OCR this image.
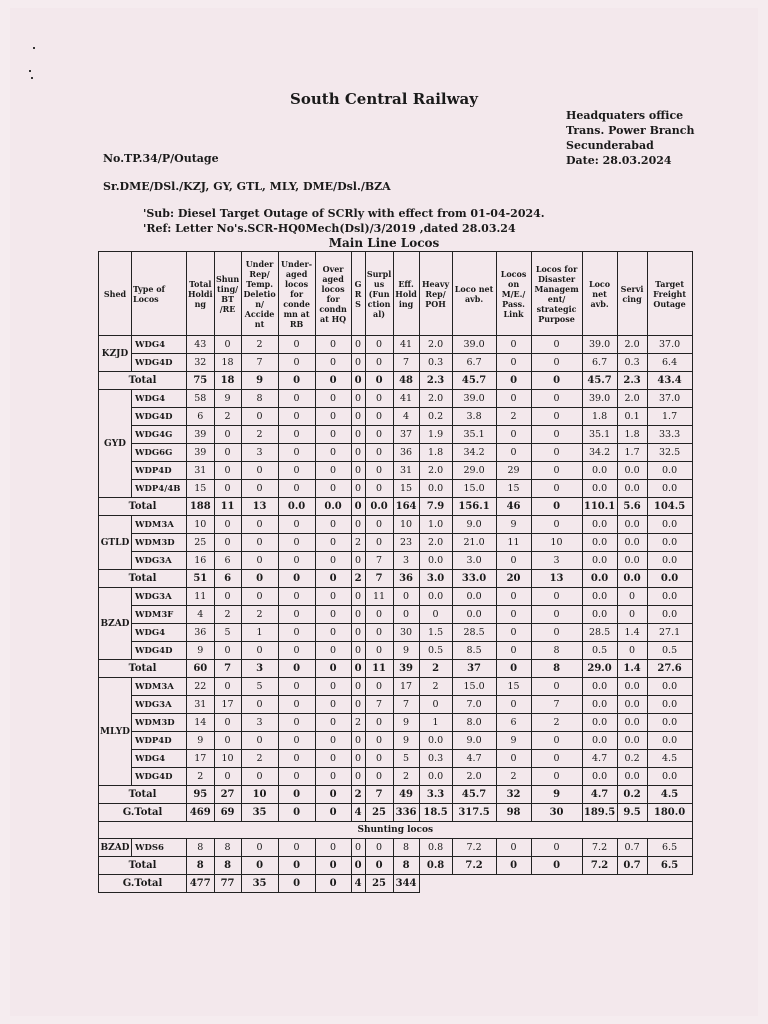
South Central Railway
Headquaters office
Trans. Power Branch
Secunderabad
Date: 28.03.2024
No.TP.34/P/Outage
Sr.DME/DSl./KZJ, GY, GTL, MLY, DME/Dsl./BZA
'Sub: Diesel Target Outage of SCRly with effect from 01-04-2024.
'Ref: Letter No's.SCR-HQ0Mech(Dsl)/3/2019 ,dated 28.03.24
Main Line Locos
Shed	Type of Locos	Total Holdi ng	Shun ting/ BT /RE	Under Rep/ Temp. Deletio n/ Accide nt	Under-aged locos for conde mn at RB	Over aged locos for condn at HQ	G R S	Surpl us (Fun ction al)	Eff. Hold ing	Heavy Rep/ POH	Loco net avb.	Locos on M/E./ Pass. Link	Locos for Disaster Managem ent/ strategic Purpose	Loco net avb.	Servi cing	Target Freight Outage
KZJD	WDG4	43	0	2	0	0	0	0	41	2.0	39.0	0	0	39.0	2.0	37.0
	WDG4D	32	18	7	0	0	0	0	7	0.3	6.7	0	0	6.7	0.3	6.4
Total		75	18	9	0	0	0	0	48	2.3	45.7	0	0	45.7	2.3	43.4
GYD	WDG4	58	9	8	0	0	0	0	41	2.0	39.0	0	0	39.0	2.0	37.0
	WDG4D	6	2	0	0	0	0	0	4	0.2	3.8	2	0	1.8	0.1	1.7
	WDG4G	39	0	2	0	0	0	0	37	1.9	35.1	0	0	35.1	1.8	33.3
	WDG6G	39	0	3	0	0	0	0	36	1.8	34.2	0	0	34.2	1.7	32.5
	WDP4D	31	0	0	0	0	0	0	31	2.0	29.0	29	0	0.0	0.0	0.0
	WDP4/4B	15	0	0	0	0	0	0	15	0.0	15.0	15	0	0.0	0.0	0.0
Total		188	11	13	0.0	0.0	0	0.0	164	7.9	156.1	46	0	110.1	5.6	104.5
GTLD	WDM3A	10	0	0	0	0	0	0	10	1.0	9.0	9	0	0.0	0.0	0.0
	WDM3D	25	0	0	0	0	2	0	23	2.0	21.0	11	10	0.0	0.0	0.0
	WDG3A	16	6	0	0	0	0	7	3	0.0	3.0	0	3	0.0	0.0	0.0
Total		51	6	0	0	0	2	7	36	3.0	33.0	20	13	0.0	0.0	0.0
BZAD	WDG3A	11	0	0	0	0	0	11	0	0.0	0.0	0	0	0.0	0	0.0
	WDM3F	4	2	2	0	0	0	0	0	0	0.0	0	0	0.0	0	0.0
	WDG4	36	5	1	0	0	0	0	30	1.5	28.5	0	0	28.5	1.4	27.1
	WDG4D	9	0	0	0	0	0	0	9	0.5	8.5	0	8	0.5	0	0.5
Total		60	7	3	0	0	0	11	39	2	37	0	8	29.0	1.4	27.6
MLYD	WDM3A	22	0	5	0	0	0	0	17	2	15.0	15	0	0.0	0.0	0.0
	WDG3A	31	17	0	0	0	0	7	7	0	7.0	0	7	0.0	0.0	0.0
	WDM3D	14	0	3	0	0	2	0	9	1	8.0	6	2	0.0	0.0	0.0
	WDP4D	9	0	0	0	0	0	0	9	0.0	9.0	9	0	0.0	0.0	0.0
	WDG4	17	10	2	0	0	0	0	5	0.3	4.7	0	0	4.7	0.2	4.5
	WDG4D	2	0	0	0	0	0	0	2	0.0	2.0	2	0	0.0	0.0	0.0
Total		95	27	10	0	0	2	7	49	3.3	45.7	32	9	4.7	0.2	4.5
G.Total		469	69	35	0	0	4	25	336	18.5	317.5	98	30	189.5	9.5	180.0
Shunting locos																
BZAD	WDS6	8	8	0	0	0	0	0	8	0.8	7.2	0	0	7.2	0.7	6.5
Total		8	8	0	0	0	0	0	8	0.8	7.2	0	0	7.2	0.7	6.5
G.Total		477	77	35	0	0	4	25	344							
